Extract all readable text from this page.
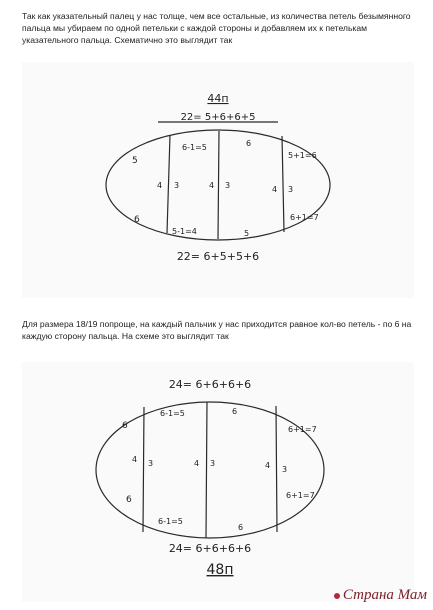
Так как указательный палец у нас толще, чем все остальные, из количества петель безымянного пальца мы убираем по одной петельки с каждой стороны и добавляем их к петелькам указательного пальца. Схематично это выглядит так
44п
22= 5+6+6+5
6-1=5	6
5+1=6
5
6
4 3	4 3	4 3
5-1=4	5
6+1=7
22= 6+5+5+6
Для размера 18/19 попроще, на каждый пальчик у нас приходится равное кол-во петель - по 6 на каждую сторону пальца. На схеме это выглядит так
24= 6+6+6+6
6-1=5	6
6+1=7
6
6
4 3	4 3	4 3
6-1=5
6
6+1=7
24= 6+6+6+6
48п
Страна Мам
